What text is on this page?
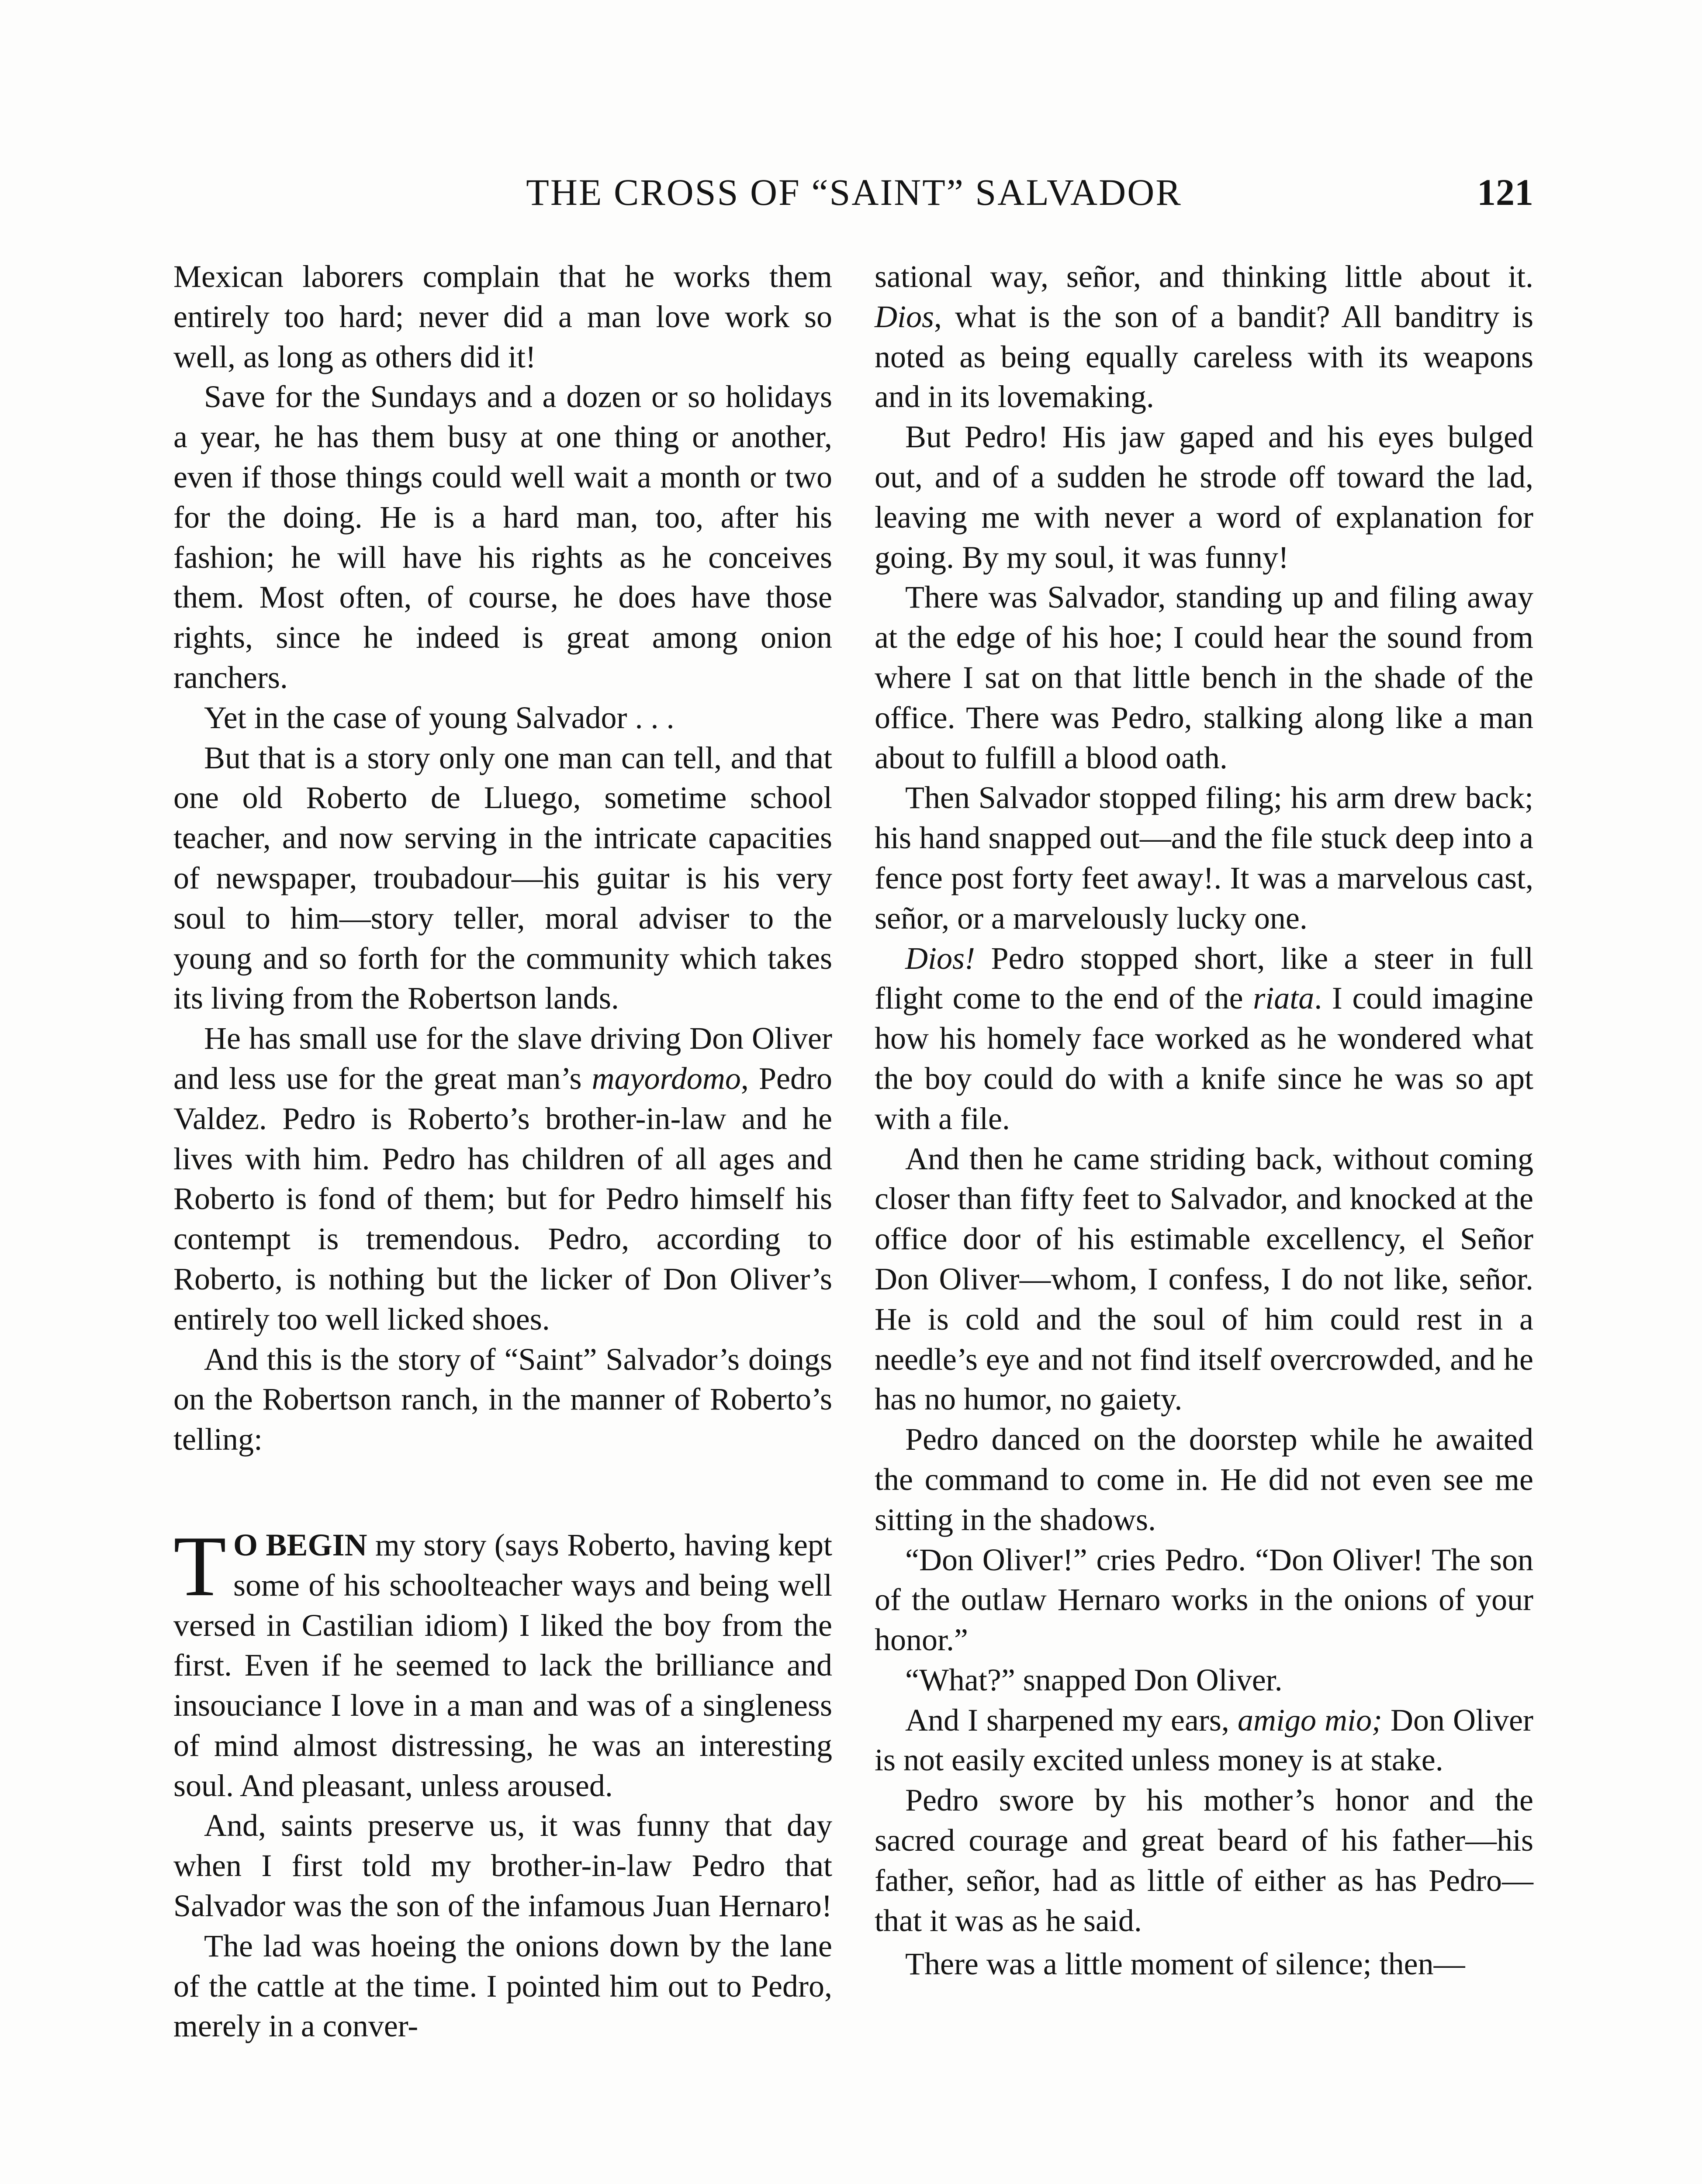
THE CROSS OF “SAINT” SALVADOR	121

Mexican laborers complain that he works them entirely too hard; never did a man love work so well, as long as others did it!

Save for the Sundays and a dozen or so holidays a year, he has them busy at one thing or another, even if those things could well wait a month or two for the doing. He is a hard man, too, after his fashion; he will have his rights as he conceives them. Most often, of course, he does have those rights, since he indeed is great among onion ranchers.

Yet in the case of young Salvador . . .

But that is a story only one man can tell, and that one old Roberto de Lluego, sometime school teacher, and now serving in the intricate capacities of newspaper, troubadour—his guitar is his very soul to him—story teller, moral adviser to the young and so forth for the community which takes its living from the Robertson lands.

He has small use for the slave driving Don Oliver and less use for the great man’s mayordomo, Pedro Valdez. Pedro is Roberto’s brother-in-law and he lives with him. Pedro has children of all ages and Roberto is fond of them; but for Pedro himself his contempt is tremendous. Pedro, according to Roberto, is nothing but the licker of Don Oliver’s entirely too well licked shoes.

And this is the story of “Saint” Salvador’s doings on the Robertson ranch, in the manner of Roberto’s telling:

T O BEGIN my story (says Roberto, having kept some of his schoolteacher ways and being well versed in Castilian idiom) I liked the boy from the first. Even if he seemed to lack the brilliance and insouciance I love in a man and was of a singleness of mind almost distressing, he was an interesting soul. And pleasant, unless aroused.

And, saints preserve us, it was funny that day when I first told my brother-in-law Pedro that Salvador was the son of the infamous Juan Hernaro!

The lad was hoeing the onions down by the lane of the cattle at the time. I pointed him out to Pedro, merely in a conver-

sational way, señor, and thinking little about it. Dios, what is the son of a bandit? All banditry is noted as being equally careless with its weapons and in its lovemaking.

But Pedro! His jaw gaped and his eyes bulged out, and of a sudden he strode off toward the lad, leaving me with never a word of explanation for going. By my soul, it was funny!

There was Salvador, standing up and filing away at the edge of his hoe; I could hear the sound from where I sat on that little bench in the shade of the office. There was Pedro, stalking along like a man about to fulfill a blood oath.

Then Salvador stopped filing; his arm drew back; his hand snapped out—and the file stuck deep into a fence post forty feet away!. It was a marvelous cast, señor, or a marvelously lucky one.

Dios! Pedro stopped short, like a steer in full flight come to the end of the riata. I could imagine how his homely face worked as he wondered what the boy could do with a knife since he was so apt with a file.

And then he came striding back, without coming closer than fifty feet to Salvador, and knocked at the office door of his estimable excellency, el Señor Don Oliver—whom, I confess, I do not like, señor. He is cold and the soul of him could rest in a needle’s eye and not find itself overcrowded, and he has no humor, no gaiety.

Pedro danced on the doorstep while he awaited the command to come in. He did not even see me sitting in the shadows.

“Don Oliver!” cries Pedro. “Don Oliver! The son of the outlaw Hernaro works in the onions of your honor.”

“What?” snapped Don Oliver.

And I sharpened my ears, amigo mio; Don Oliver is not easily excited unless money is at stake.

Pedro swore by his mother’s honor and the sacred courage and great beard of his father—his father, señor, had as little of either as has Pedro—that it was as he said.

There was a little moment of silence; then—
